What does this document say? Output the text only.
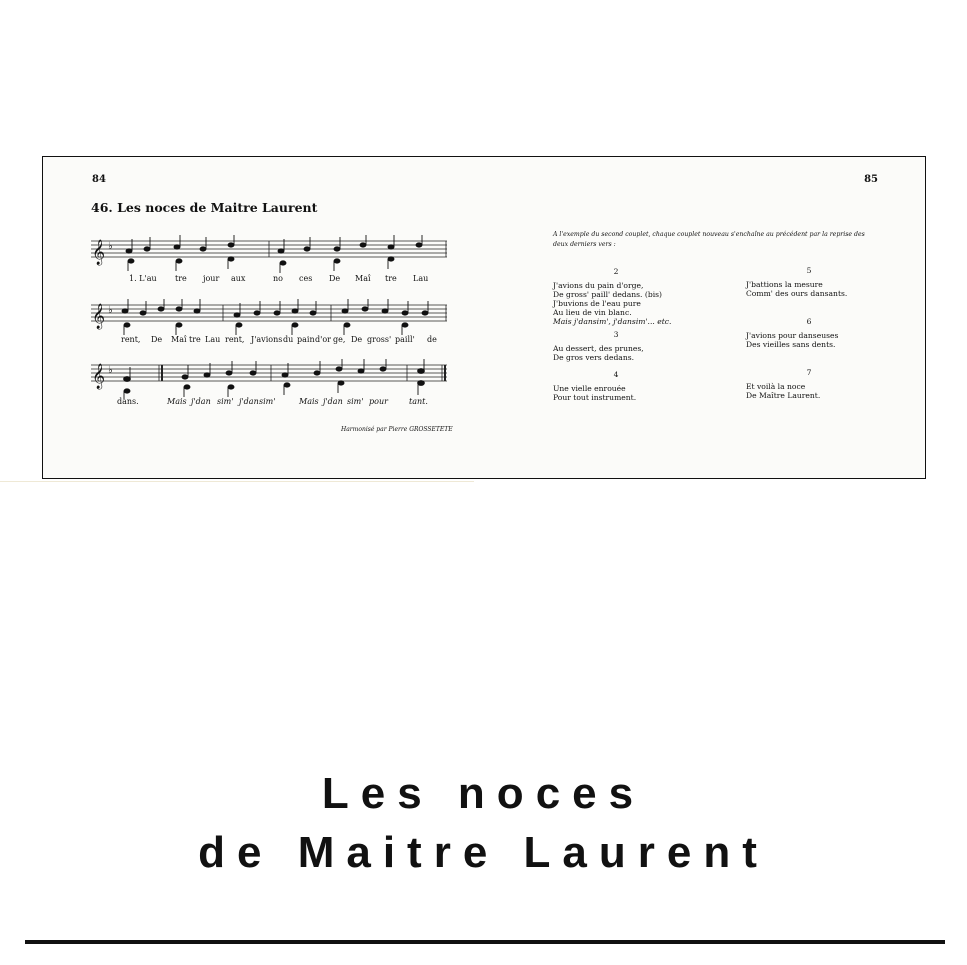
84	85
46. Les noces de Maitre Laurent
𝄞 ♭
1. L'au tre jour aux	no ces De Maî tre Lau
𝄞 ♭
rent, De Maî tre Lau rent, J'avions du pain d'or ge, De gross' paill' de
𝄞 ♭
dans.	Mais j'dan sim' j'dan sim'	Mais j'dan sim' pour	tant.
Harmonisé par Pierre GROSSETETE
A l'exemple du second couplet, chaque couplet nouveau s'enchaîne au précédent par la reprise des deux derniers vers :
2
J'avions du pain d'orge,
De gross' paill' dedans. (bis)
J'buvions de l'eau pure
Au lieu de vin blanc.
Mais j'dansim', j'dansim'... etc.
3
Au dessert, des prunes,
De gros vers dedans.
4
Une vielle enrouée
Pour tout instrument.
5
J'battions la mesure
Comm' des ours dansants.
6
J'avions pour danseuses
Des vieilles sans dents.
7
Et voilà la noce
De Maître Laurent.
Les noces
de Maitre Laurent
